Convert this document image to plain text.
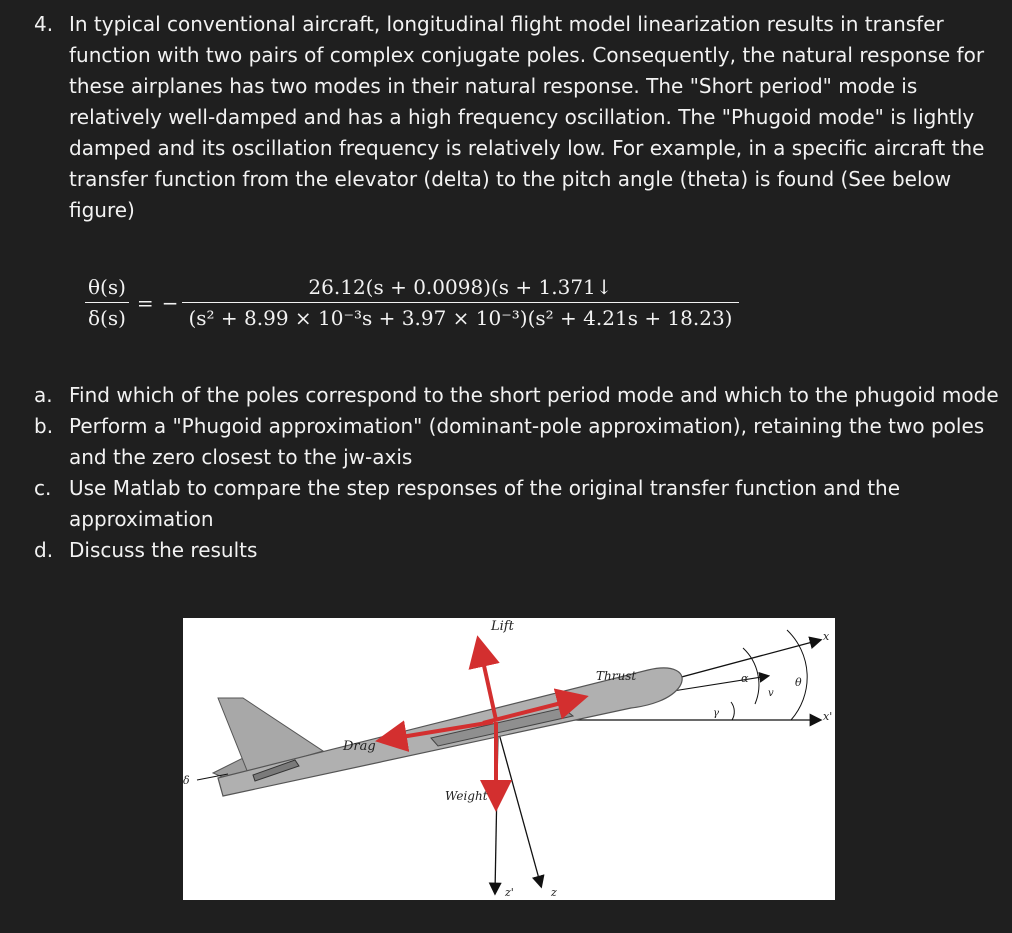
4. In typical conventional aircraft, longitudinal flight model linearization results in transfer function with two pairs of complex conjugate poles. Consequently, the natural response for these airplanes has two modes in their natural response. The "Short period" mode is relatively well-damped and has a high frequency oscillation. The "Phugoid mode" is lightly damped and its oscillation frequency is relatively low. For example, in a specific aircraft the transfer function from the elevator (delta) to the pitch angle (theta) is found (See below figure)
$\frac{\theta(s)}{\delta(s)}$ = − $\frac{26.12(s + 0.0098)(s + 1.371↓}{\text{(s² + 8.99 × 10⁻³s + 3.97 × 10⁻³)(s² + 4.21s + 18.23)}}$
a. Find which of the poles correspond to the short period mode and which to the phugoid mode
b. Perform a "Phugoid approximation" (dominant-pole approximation), retaining the two poles and the zero closest to the jw-axis
c. Use Matlab to compare the step responses of the original transfer function and the approximation
d. Discuss the results
Lift
Thrust
Drag
Weight
δ
x
x'
z
z'
α	θ
v
γ
